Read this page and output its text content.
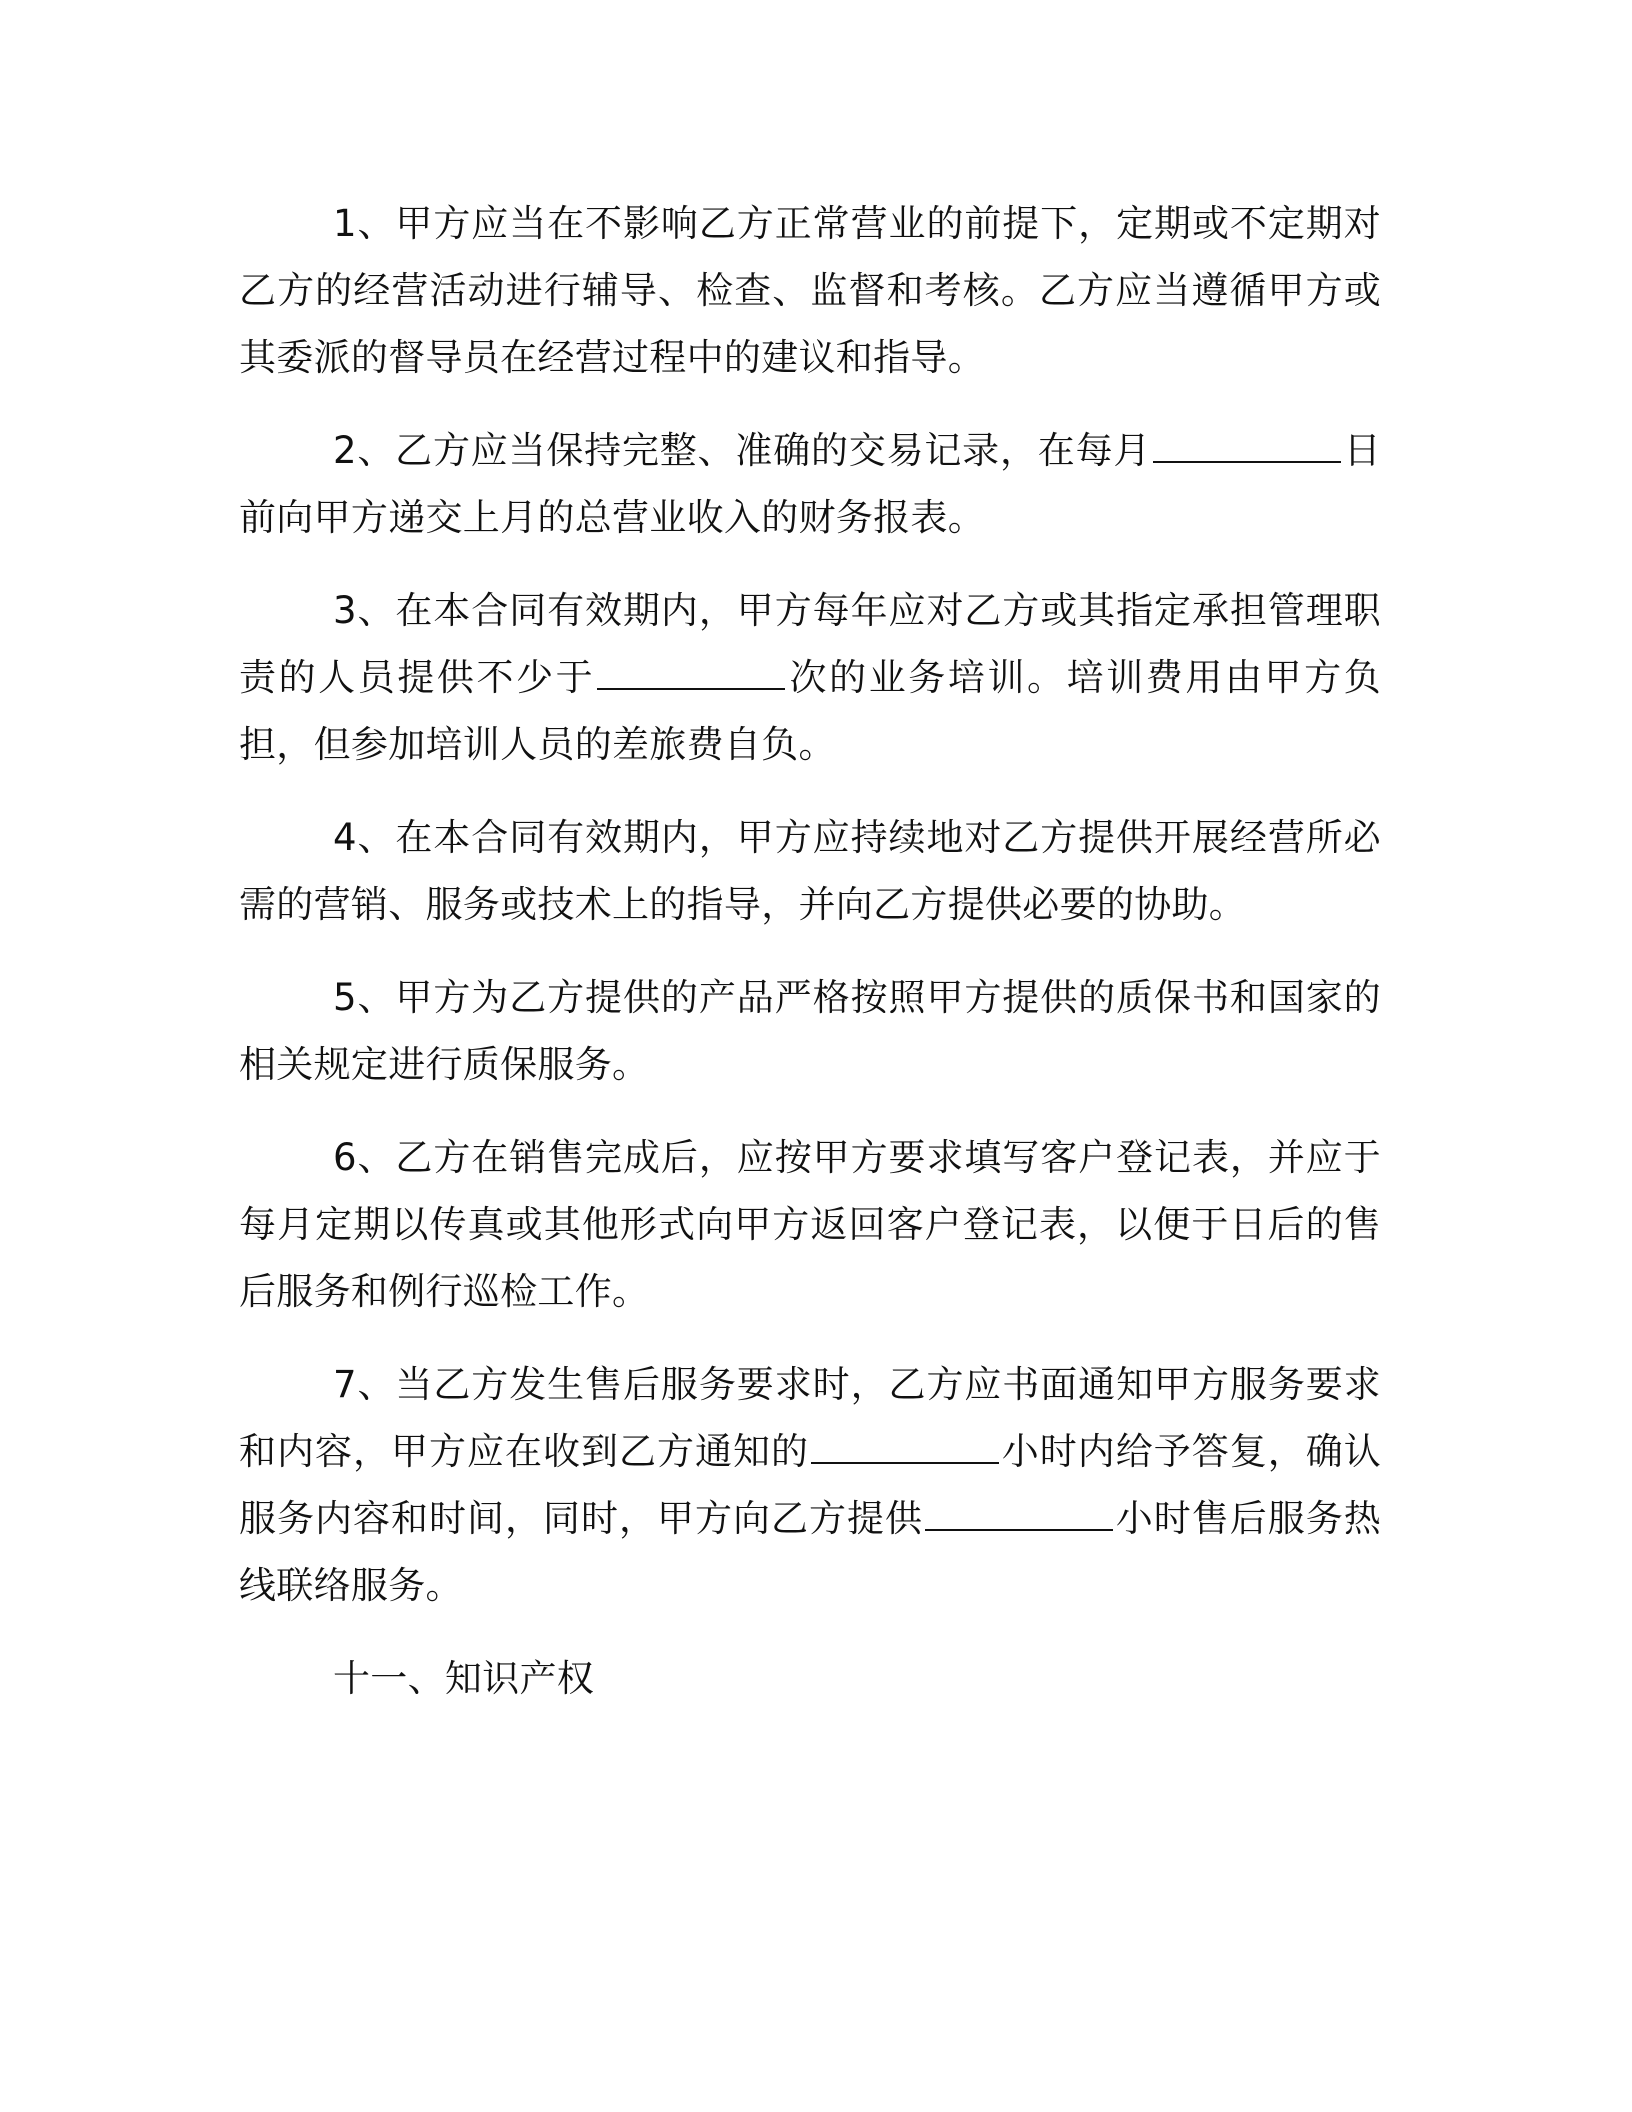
1、甲方应当在不影响乙方正常营业的前提下，定期或不定期对乙方的经营活动进行辅导、检查、监督和考核。乙方应当遵循甲方或其委派的督导员在经营过程中的建议和指导。

2、乙方应当保持完整、准确的交易记录，在每月	日前向甲方递交上月的总营业收入的财务报表。

3、在本合同有效期内，甲方每年应对乙方或其指定承担管理职责的人员提供不少于	次的业务培训。培训费用由甲方负担，但参加培训人员的差旅费自负。

4、在本合同有效期内，甲方应持续地对乙方提供开展经营所必需的营销、服务或技术上的指导，并向乙方提供必要的协助。

5、甲方为乙方提供的产品严格按照甲方提供的质保书和国家的相关规定进行质保服务。

6、乙方在销售完成后，应按甲方要求填写客户登记表，并应于每月定期以传真或其他形式向甲方返回客户登记表，以便于日后的售后服务和例行巡检工作。

7、当乙方发生售后服务要求时，乙方应书面通知甲方服务要求和内容，甲方应在收到乙方通知的	小时内给予答复，确认服务内容和时间，同时，甲方向乙方提供	小时售后服务热线联络服务。

十一、知识产权
